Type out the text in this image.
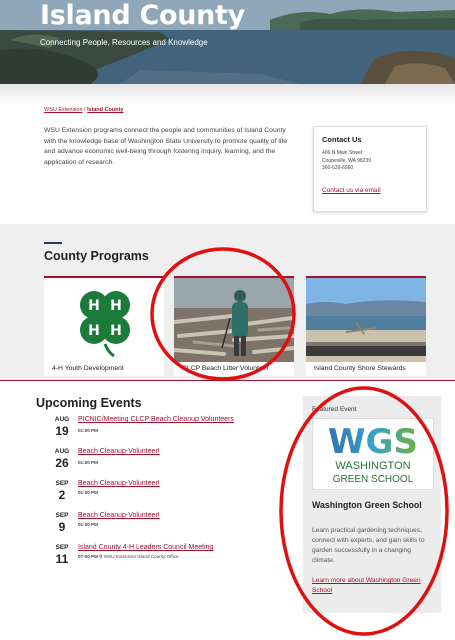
Island County
Connecting People, Resources and Knowledge
WSU Extension / Island County

WSU Extension programs connect the people and communities of Island County with the knowledge base of Washington State University to promote quality of life and advance economic well-being through fostering inquiry, learning, and the application of research.

Contact Us
406 N Main Street
Coupeville, WA 98239
360-639-6060
Contact us via email
County Programs
H H
H H
4-H Youth Development	CLCP Beach Litter Volunteer	Island County Shore Stewards
Upcoming Events
AUG
19
PICNIC/Meeting CLCP Beach Cleanup Volunteers
01:00 PM
AUG
26
Beach Cleanup-Volunteer!
01:00 PM
SEP
2
Beach Cleanup-Volunteer!
01:00 PM
SEP
9
Beach Cleanup-Volunteer!
01:00 PM
SEP
11
Island County 4-H Leaders Council Meeting
07:00 PM ⚲ WSU Extension Island County Office
Featured Event
WGS
WASHINGTON
GREEN SCHOOL
Washington Green School

Learn practical gardening techniques, connect with experts, and gain skills to garden successfully in a changing climate.

Learn more about Washington Green School
